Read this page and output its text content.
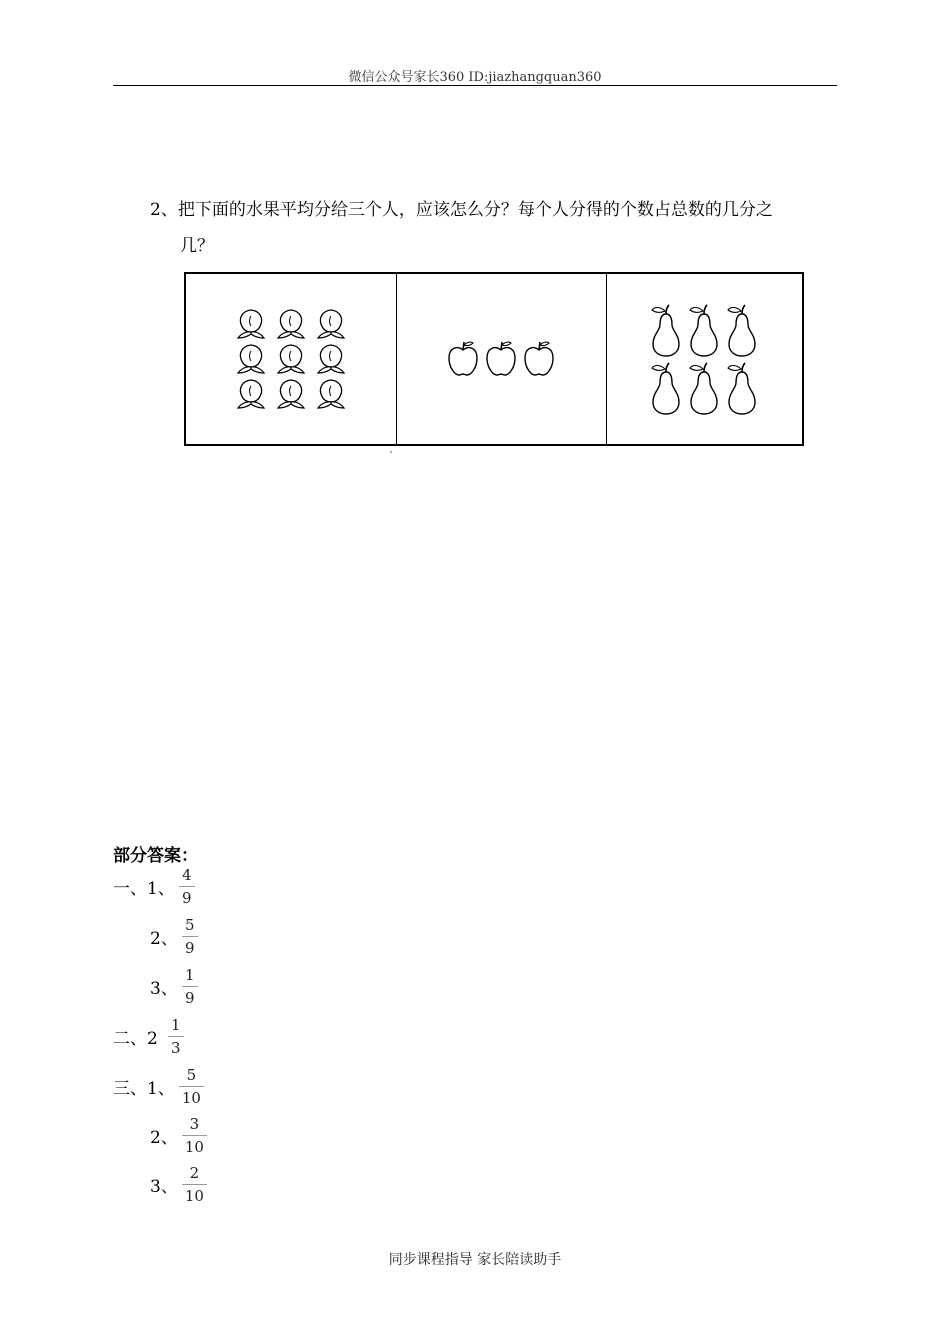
微信公众号家长360 ID:jiazhangquan360
2、把下面的水果平均分给三个人，应该怎么分？每个人分得的个数占总数的几分之
几？
部分答案：
一、1、 $\frac{4}{9}$
2、 $\frac{5}{9}$
3、 $\frac{1}{9}$
二、$2 \frac{1}{3}$
三、1、 $\frac{5}{10}$
2、 $\frac{3}{10}$
3、 $\frac{2}{10}$
同步课程指导 家长陪读助手
